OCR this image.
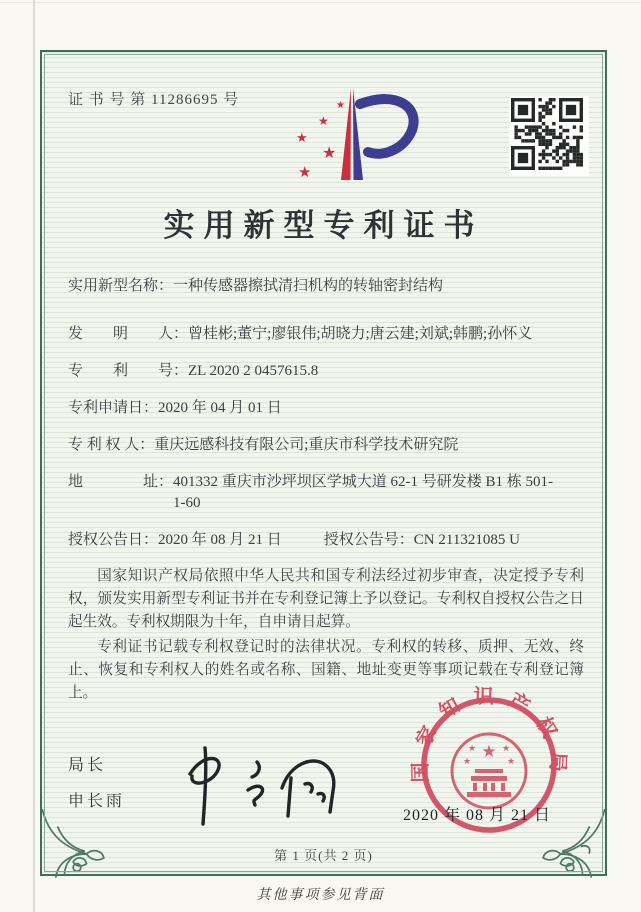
证 书 号 第 11286695 号	★
★
★
★
★
实用新型专利证书
实用新型名称： 一种传感器擦拭清扫机构的转轴密封结构
发　　明　　人： 曾桂彬;董宁;廖银伟;胡晓力;唐云建;刘斌;韩鹏;孙怀义
专　　利　　号： ZL 2020 2 0457615.8
专利申请日： 2020 年 04 月 01 日
专 利 权 人： 重庆远感科技有限公司;重庆市科学技术研究院
地　　　　址： 401332 重庆市沙坪坝区学城大道 62-1 号研发楼 B1 栋 501-1-60
授权公告日：2020 年 08 月 21 日	授权公告号：CN 211321085 U

国家知识产权局依照中华人民共和国专利法经过初步审查，决定授予专利权，颁发实用新型专利证书并在专利登记簿上予以登记。专利权自授权公告之日起生效。专利权期限为十年，自申请日起算。

专利证书记载专利权登记时的法律状况。专利权的转移、质押、无效、终止、恢复和专利权人的姓名或名称、国籍、地址变更等事项记载在专利登记簿上。

局长
申长雨
国家知识产权局
★
★	★
★	★
2020 年 08 月 21 日
第 1 页(共 2 页)
其他事项参见背面
